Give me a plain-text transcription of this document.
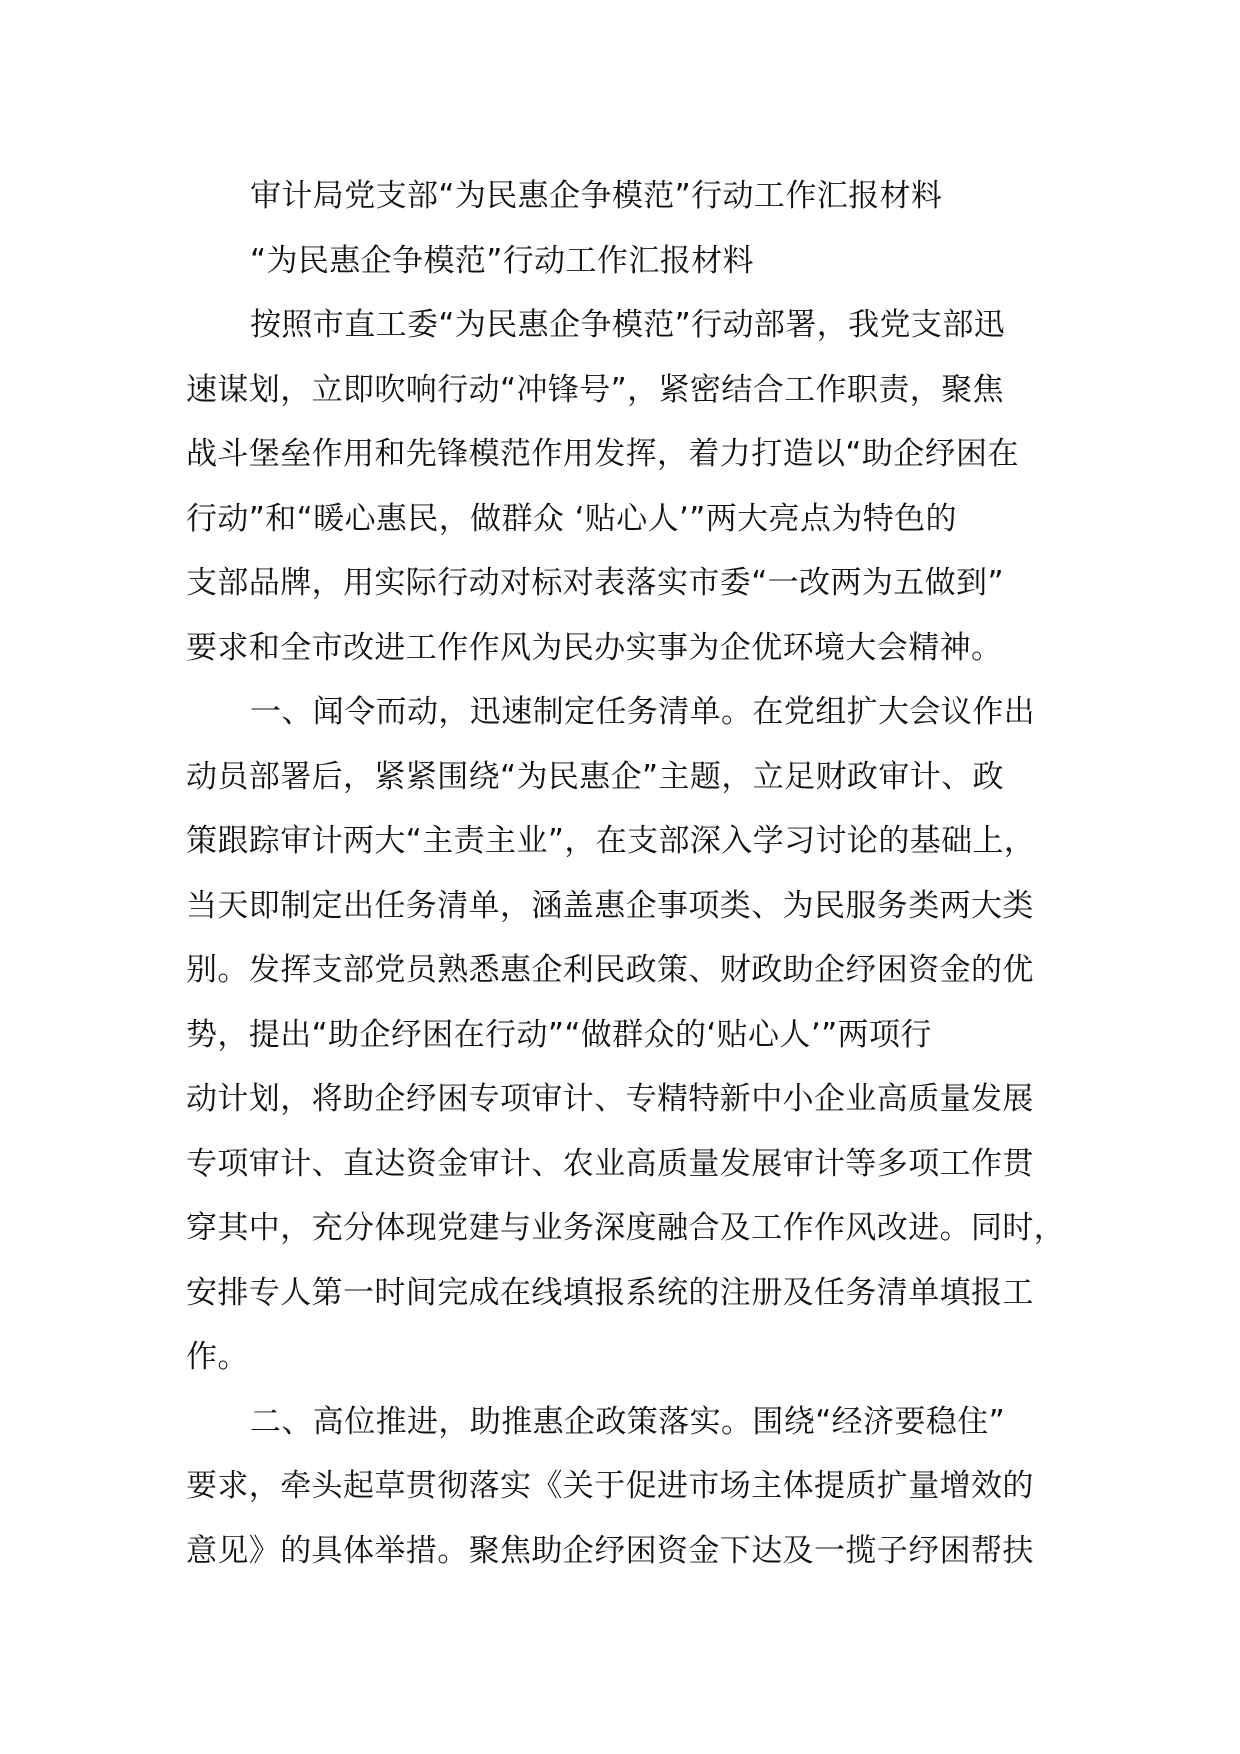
审计局党支部“为民惠企争模范”行动工作汇报材料
“为民惠企争模范”行动工作汇报材料
按照市直工委“为民惠企争模范”行动部署，我党支部迅
速谋划，立即吹响行动“冲锋号”，紧密结合工作职责，聚焦
战斗堡垒作用和先锋模范作用发挥，着力打造以“助企纾困在
行动”和“暖心惠民，做群众 ‘贴心人’”两大亮点为特色的
支部品牌，用实际行动对标对表落实市委“一改两为五做到”
要求和全市改进工作作风为民办实事为企优环境大会精神。
一、闻令而动，迅速制定任务清单。在党组扩大会议作出
动员部署后，紧紧围绕“为民惠企”主题，立足财政审计、政
策跟踪审计两大“主责主业”，在支部深入学习讨论的基础上，
当天即制定出任务清单，涵盖惠企事项类、为民服务类两大类
别。发挥支部党员熟悉惠企利民政策、财政助企纾困资金的优
势，提出“助企纾困在行动”“做群众的‘贴心人’”两项行
动计划，将助企纾困专项审计、专精特新中小企业高质量发展
专项审计、直达资金审计、农业高质量发展审计等多项工作贯
穿其中，充分体现党建与业务深度融合及工作作风改进。同时，
安排专人第一时间完成在线填报系统的注册及任务清单填报工
作。
二、高位推进，助推惠企政策落实。围绕“经济要稳住”
要求，牵头起草贯彻落实《关于促进市场主体提质扩量增效的
意见》的具体举措。聚焦助企纾困资金下达及一揽子纾困帮扶
